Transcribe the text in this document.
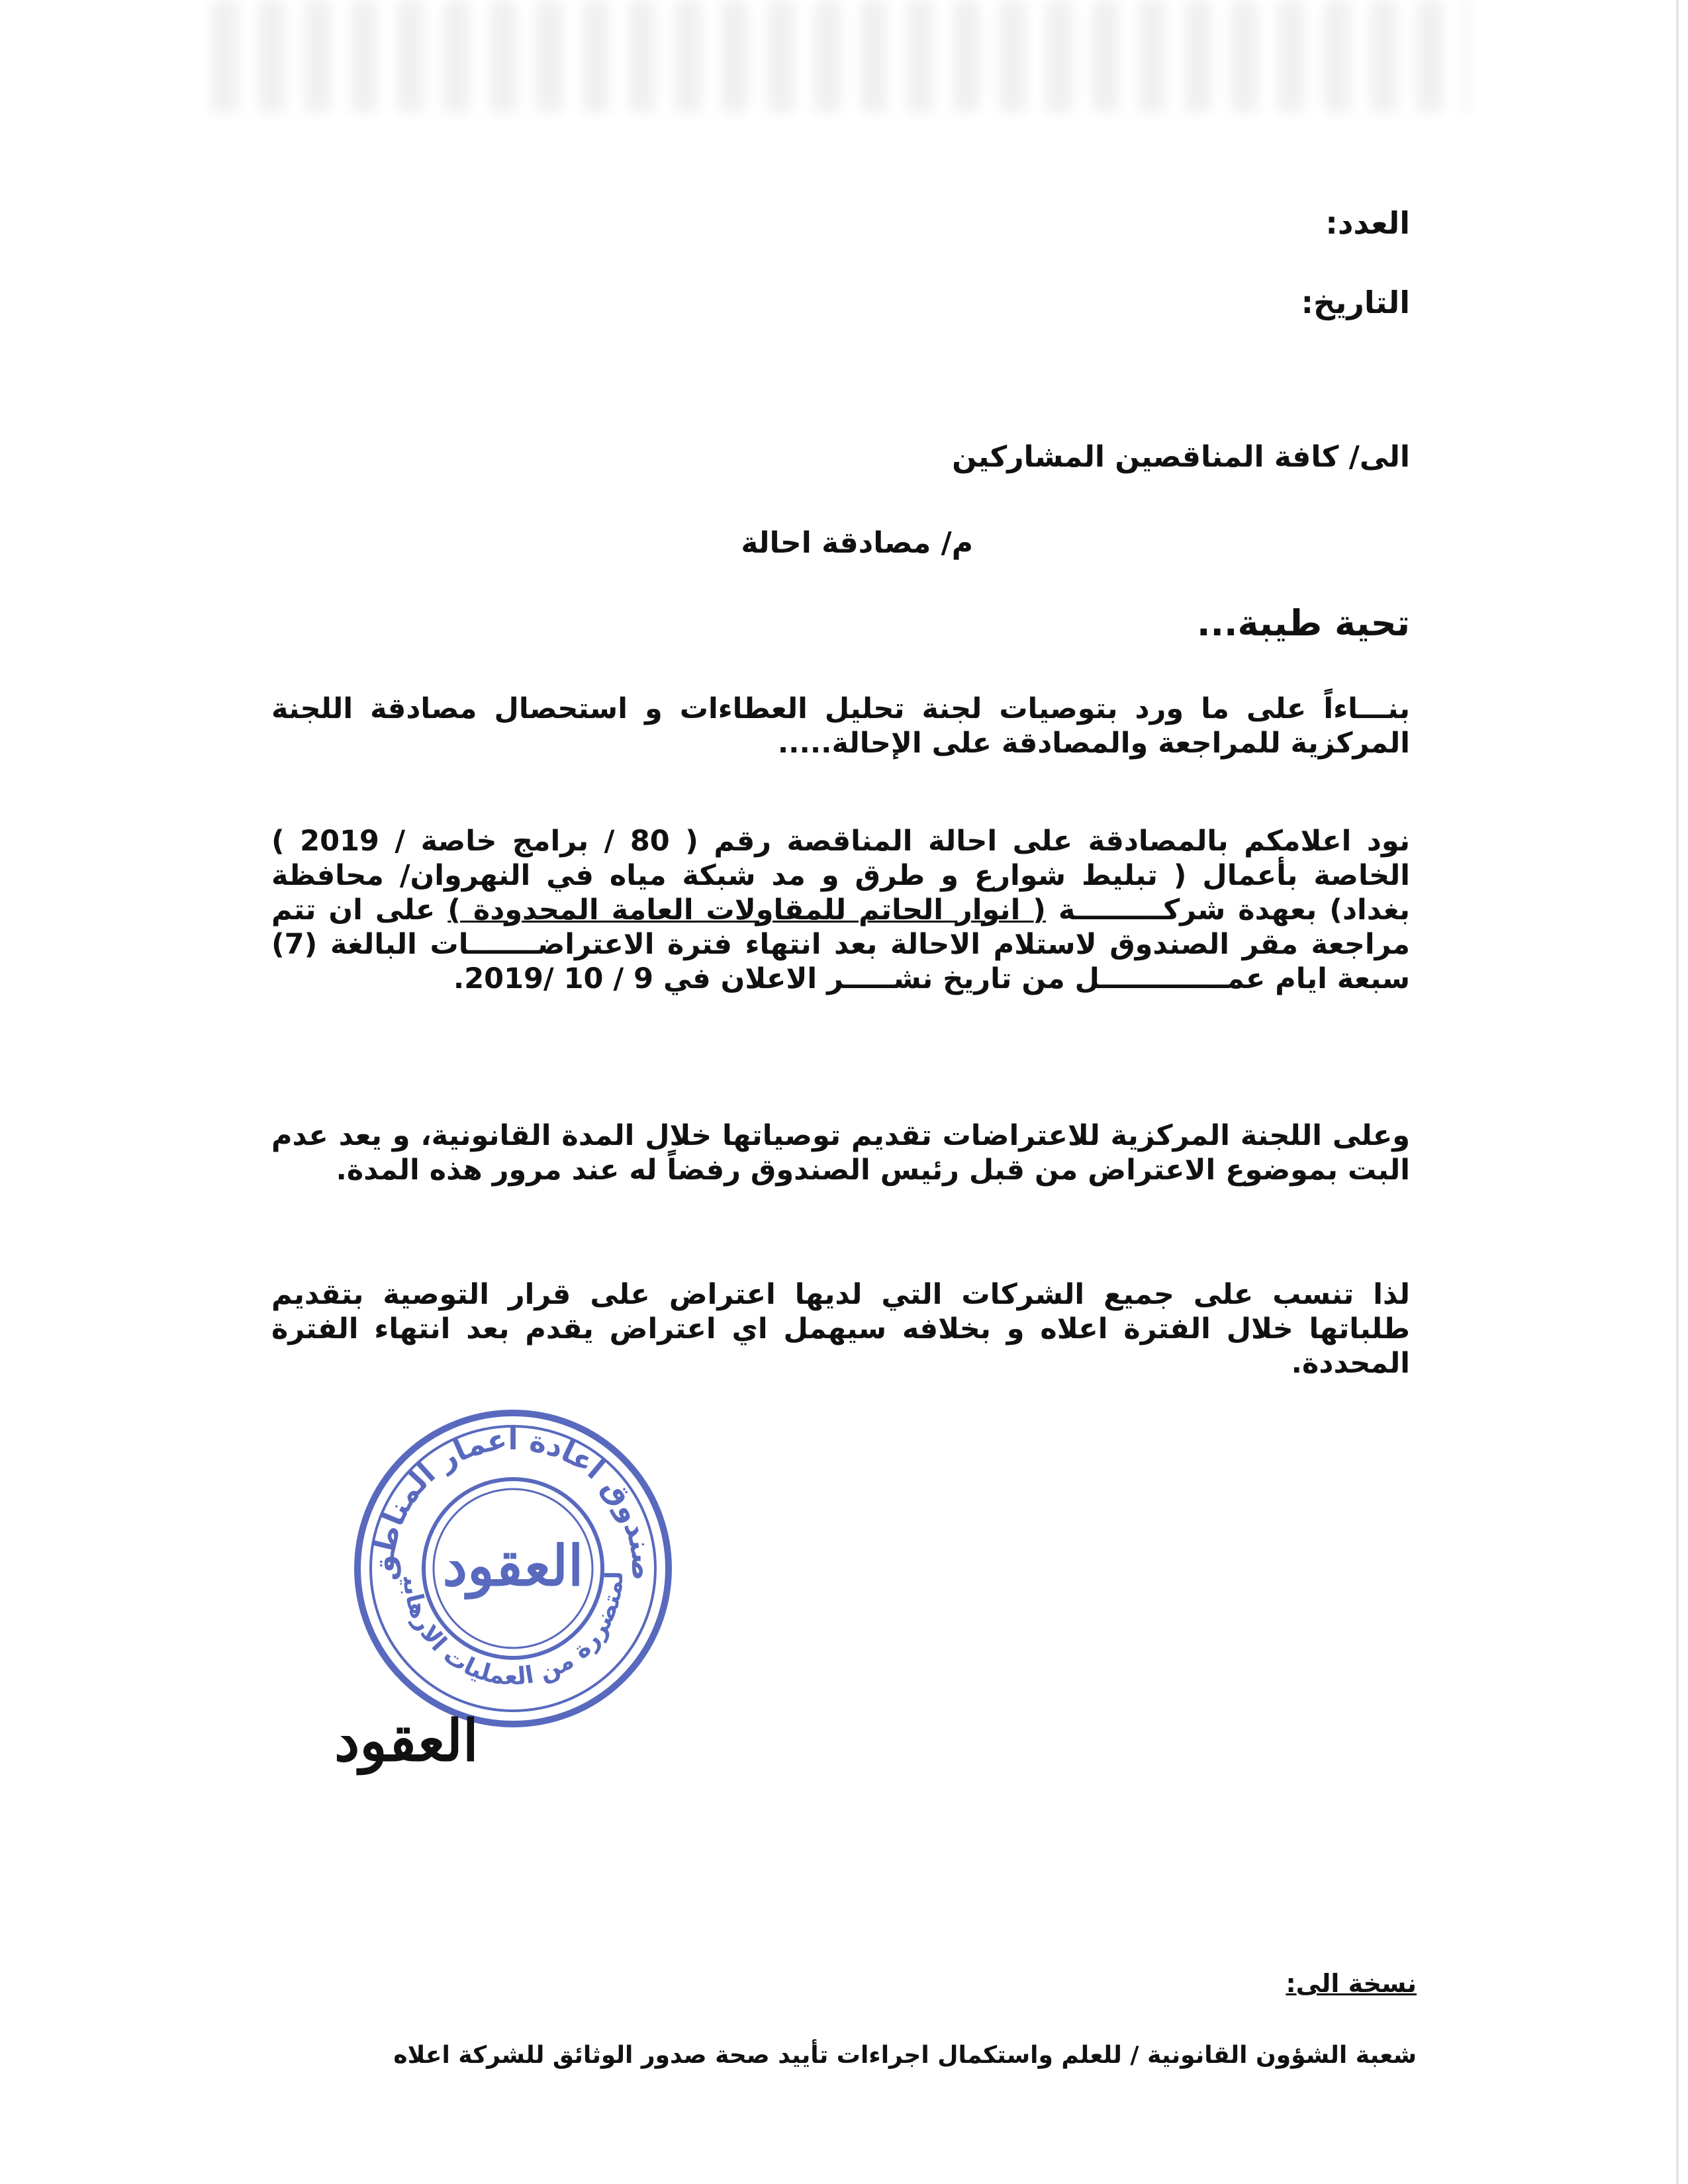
العدد:
التاريخ:
الى/ كافة المناقصين المشاركين
م/ مصادقة احالة
تحية طيبة...
بنـــاءاً على ما ورد بتوصيات لجنة تحليل العطاءات و استحصال مصادقة اللجنة المركزية للمراجعة والمصادقة على الإحالة.....
نود اعلامكم بالمصادقة على احالة المناقصة رقم ( 80 / برامج خاصة / 2019 ) الخاصة بأعمال ( تبليط شوارع و طرق و مد شبكة مياه في النهروان/ محافظة بغداد) بعهدة شركـــــــــة ( انوار الحاتم للمقاولات العامة المحدودة ) على ان تتم مراجعة مقر الصندوق لاستلام الاحالة بعد انتهاء فترة الاعتراضـــــــات البالغة (7) سبعة ايام عمـــــــــــــل من تاريخ نشـــــر الاعلان في 9 / 10 /2019.
وعلى اللجنة المركزية للاعتراضات تقديم توصياتها خلال المدة القانونية، و يعد عدم البت بموضوع الاعتراض من قبل رئيس الصندوق رفضاً له عند مرور هذه المدة.
لذا تنسب على جميع الشركات التي لديها اعتراض على قرار التوصية بتقديم طلباتها خلال الفترة اعلاه و بخلافه سيهمل اي اعتراض يقدم بعد انتهاء الفترة المحددة.
صندوق اعادة اعمار المناطق
لمتضررة من العمليات الارهابية
العقود
العقود
نسخة الى:
شعبة الشؤون القانونية / للعلم واستكمال اجراءات تأييد صحة صدور الوثائق للشركة اعلاه
